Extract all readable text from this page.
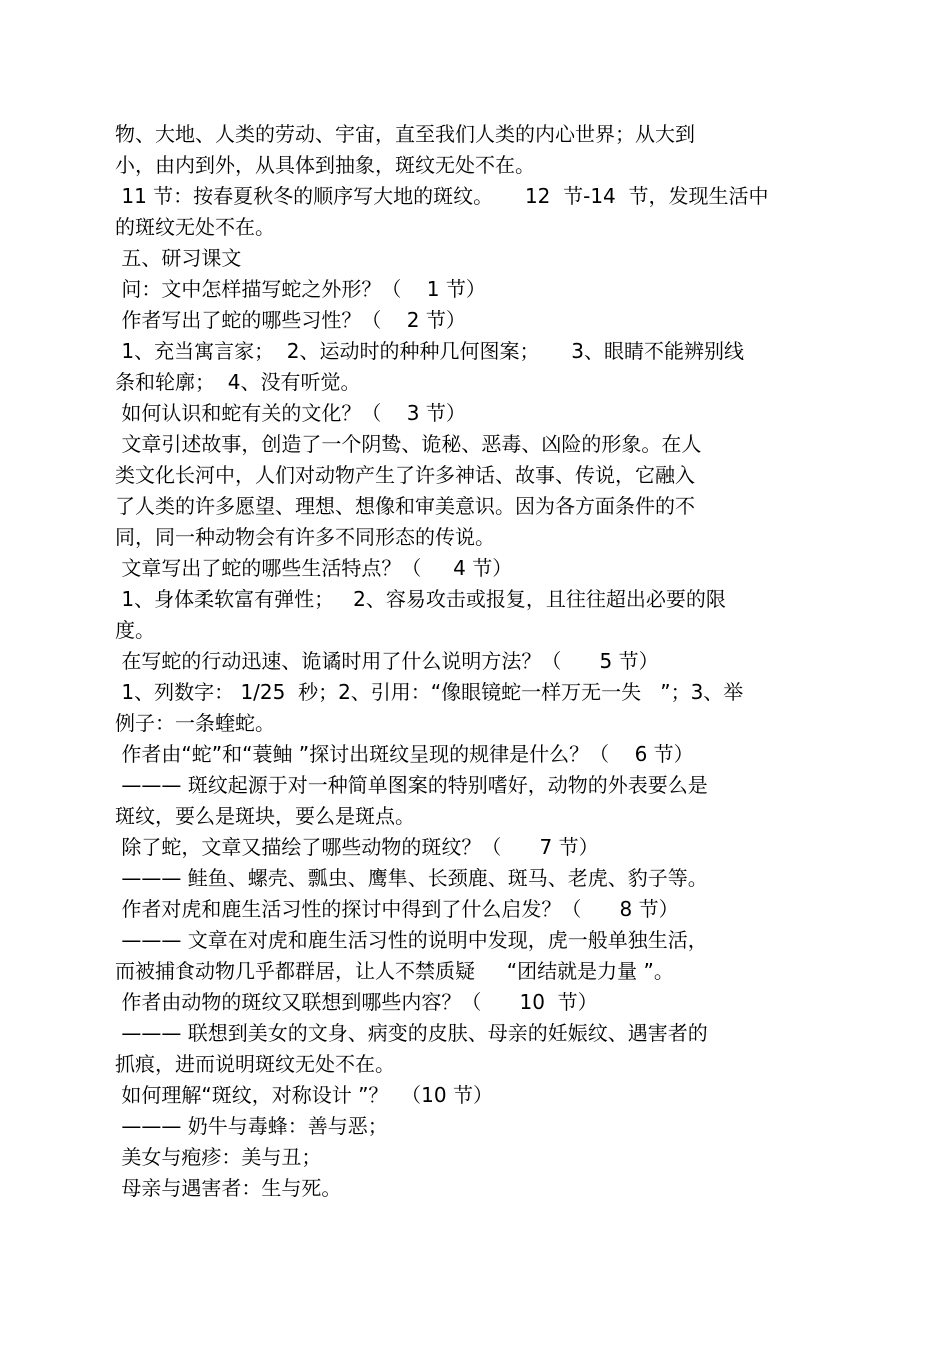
物、大地、人类的劳动、宇宙，直至我们人类的内心世界；从大到
小，由内到外，从具体到抽象，斑纹无处不在。
11 节：按春夏秋冬的顺序写大地的斑纹。     12  节-14  节，发现生活中
的斑纹无处不在。
五、研习课文
问：文中怎样描写蛇之外形？（    1 节）
作者写出了蛇的哪些习性？（    2 节）
1、充当寓言家；  2、运动时的种种几何图案；     3、眼睛不能辨别线
条和轮廓；  4、没有听觉。
如何认识和蛇有关的文化？（    3 节）
文章引述故事，创造了一个阴鸷、诡秘、恶毒、凶险的形象。在人
类文化长河中，人们对动物产生了许多神话、故事、传说，它融入
了人类的许多愿望、理想、想像和审美意识。因为各方面条件的不
同，同一种动物会有许多不同形态的传说。
文章写出了蛇的哪些生活特点？（     4 节）
1、身体柔软富有弹性；   2、容易攻击或报复，且往往超出必要的限
度。
在写蛇的行动迅速、诡谲时用了什么说明方法？（      5 节）
1、列数字： 1/25  秒；2、引用：“像眼镜蛇一样万无一失   ”；3、举
例子：一条蝰蛇。
作者由“蛇”和“蓑鲉 ”探讨出斑纹呈现的规律是什么？（    6 节）
——— 斑纹起源于对一种简单图案的特别嗜好，动物的外表要么是
斑纹，要么是斑块，要么是斑点。
除了蛇，文章又描绘了哪些动物的斑纹？（      7 节）
——— 鲑鱼、螺壳、瓢虫、鹰隼、长颈鹿、斑马、老虎、豹子等。
作者对虎和鹿生活习性的探讨中得到了什么启发？（      8 节）
——— 文章在对虎和鹿生活习性的说明中发现，虎一般单独生活，
而被捕食动物几乎都群居，让人不禁质疑     “团结就是力量 ”。
作者由动物的斑纹又联想到哪些内容？（      10  节）
——— 联想到美女的文身、病变的皮肤、母亲的妊娠纹、遇害者的
抓痕，进而说明斑纹无处不在。
如何理解“斑纹，对称设计 ”？  （10 节）
——— 奶牛与毒蜂：善与恶；
美女与疱疹：美与丑；
母亲与遇害者：生与死。
